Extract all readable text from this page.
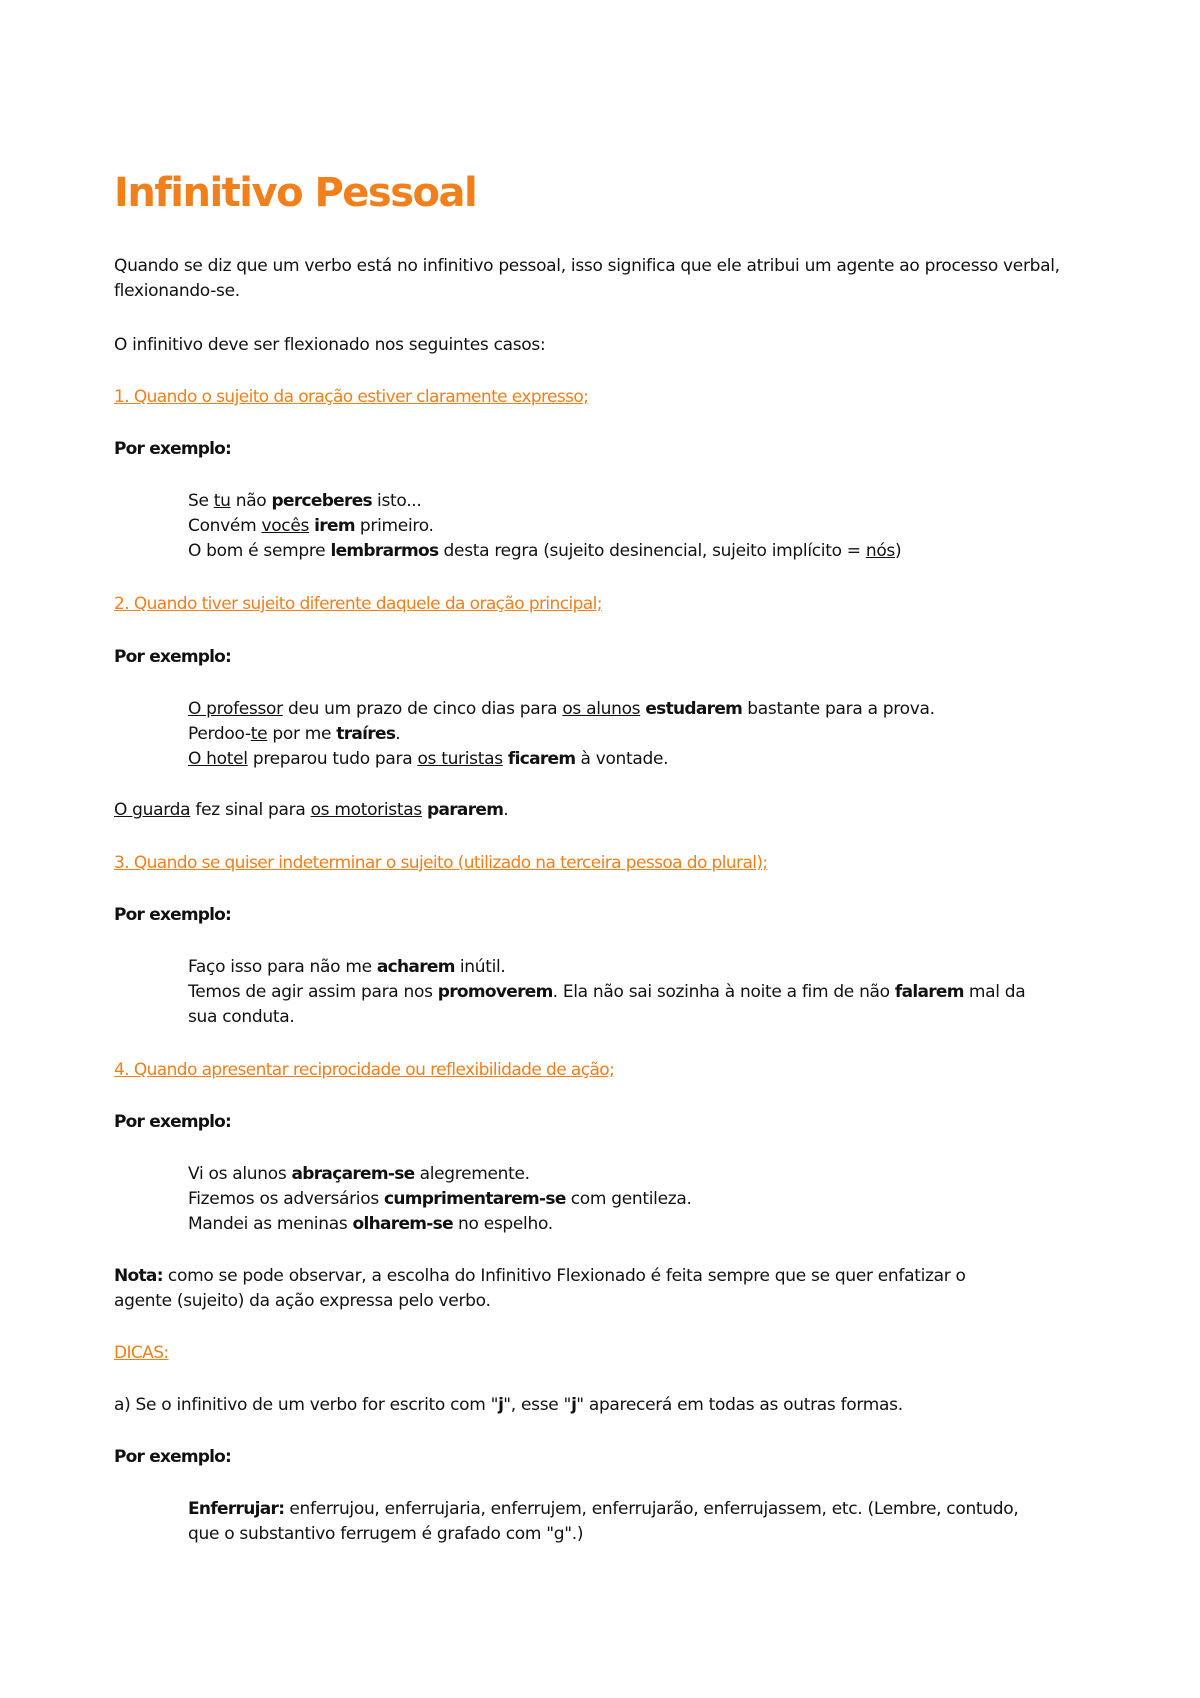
Infinitivo Pessoal

Quando se diz que um verbo está no infinitivo pessoal, isso significa que ele atribui um agente ao processo verbal, flexionando-se.

O infinitivo deve ser flexionado nos seguintes casos:

1. Quando o sujeito da oração estiver claramente expresso;

Por exemplo:

Se tu não perceberes isto...

Convém vocês irem primeiro.

O bom é sempre lembrarmos desta regra (sujeito desinencial, sujeito implícito = nós)

2. Quando tiver sujeito diferente daquele da oração principal;

Por exemplo:

O professor deu um prazo de cinco dias para os alunos estudarem bastante para a prova.

Perdoo-te por me traíres.

O hotel preparou tudo para os turistas ficarem à vontade.

O guarda fez sinal para os motoristas pararem.

3. Quando se quiser indeterminar o sujeito (utilizado na terceira pessoa do plural);

Por exemplo:

Faço isso para não me acharem inútil.

Temos de agir assim para nos promoverem. Ela não sai sozinha à noite a fim de não falarem mal da

sua conduta.

4. Quando apresentar reciprocidade ou reflexibilidade de ação;

Por exemplo:

Vi os alunos abraçarem-se alegremente.

Fizemos os adversários cumprimentarem-se com gentileza.

Mandei as meninas olharem-se no espelho.

Nota: como se pode observar, a escolha do Infinitivo Flexionado é feita sempre que se quer enfatizar o

agente (sujeito) da ação expressa pelo verbo.

DICAS:

a) Se o infinitivo de um verbo for escrito com "j", esse "j" aparecerá em todas as outras formas.

Por exemplo:

Enferrujar: enferrujou, enferrujaria, enferrujem, enferrujarão, enferrujassem, etc. (Lembre, contudo,

que o substantivo ferrugem é grafado com "g".)
